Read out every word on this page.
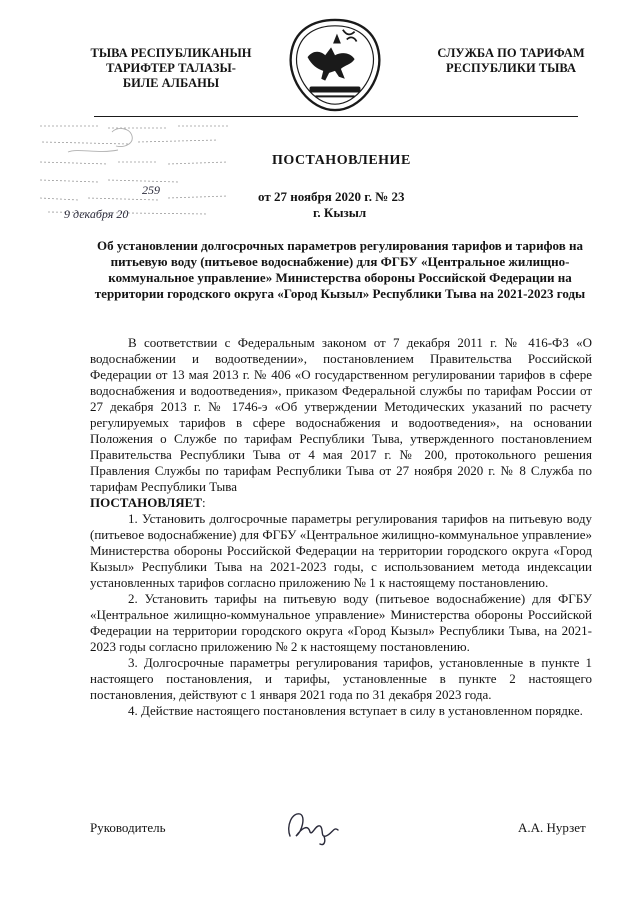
ТЫВА РЕСПУБЛИКАНЫН
ТАРИФТЕР ТАЛАЗЫ-
БИЛЕ АЛБАНЫ
СЛУЖБА ПО ТАРИФАМ
РЕСПУБЛИКИ ТЫВА
259
9 декабря 20
ПОСТАНОВЛЕНИЕ
от 27 ноября 2020 г. № 23
г. Кызыл
Об установлении долгосрочных параметров регулирования тарифов и тарифов на питьевую воду (питьевое водоснабжение) для ФГБУ «Центральное жилищно-коммунальное управление» Министерства обороны Российской Федерации на территории городского округа «Город Кызыл» Республики Тыва на 2021-2023 годы

В соответствии с Федеральным законом от 7 декабря 2011 г. № 416-ФЗ «О водоснабжении и водоотведении», постановлением Правительства Российской Федерации от 13 мая 2013 г. № 406 «О государственном регулировании тарифов в сфере водоснабжения и водоотведения», приказом Федеральной службы по тарифам России от 27 декабря 2013 г. № 1746-э «Об утверждении Методических указаний по расчету регулируемых тарифов в сфере водоснабжения и водоотведения», на основании Положения о Службе по тарифам Республики Тыва, утвержденного постановлением Правительства Республики Тыва от 4 мая 2017 г. № 200, протокольного решения Правления Службы по тарифам Республики Тыва от 27 ноября 2020 г. № 8 Служба по тарифам Республики Тыва

ПОСТАНОВЛЯЕТ:

1. Установить долгосрочные параметры регулирования тарифов на питьевую воду (питьевое водоснабжение) для ФГБУ «Центральное жилищно-коммунальное управление» Министерства обороны Российской Федерации на территории городского округа «Город Кызыл» Республики Тыва на 2021-2023 годы, с использованием метода индексации установленных тарифов согласно приложению № 1 к настоящему постановлению.

2. Установить тарифы на питьевую воду (питьевое водоснабжение) для ФГБУ «Центральное жилищно-коммунальное управление» Министерства обороны Российской Федерации на территории городского округа «Город Кызыл» Республики Тыва, на 2021-2023 годы согласно приложению № 2 к настоящему постановлению.

3. Долгосрочные параметры регулирования тарифов, установленные в пункте 1 настоящего постановления, и тарифы, установленные в пункте 2 настоящего постановления, действуют с 1 января 2021 года по 31 декабря 2023 года.

4. Действие настоящего постановления вступает в силу в установленном порядке.

Руководитель	А.А. Нурзет
